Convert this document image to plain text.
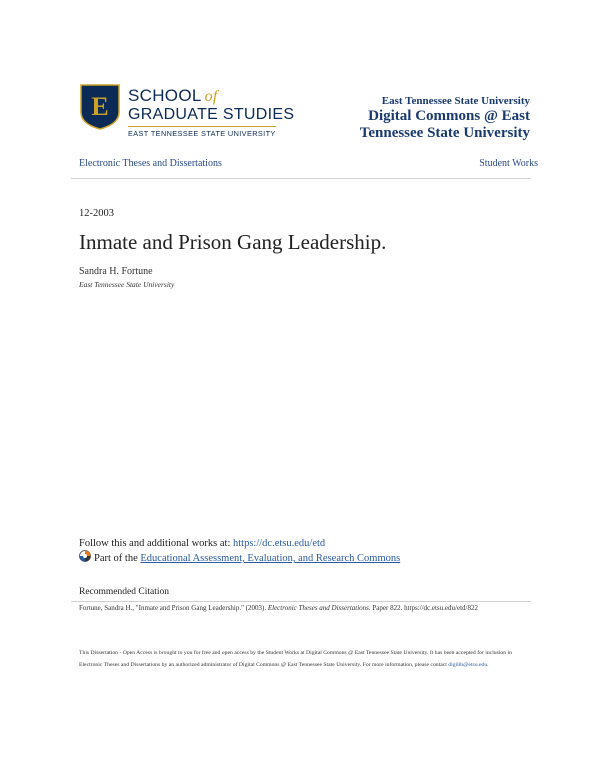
E SCHOOL of
GRADUATE STUDIES
EAST TENNESSEE STATE UNIVERSITY
East Tennessee State University
Digital Commons @ East
Tennessee State University
Electronic Theses and Dissertations	Student Works
12-2003
Inmate and Prison Gang Leadership.
Sandra H. Fortune
East Tennessee State University
Follow this and additional works at: https://dc.etsu.edu/etd
Part of the Educational Assessment, Evaluation, and Research Commons
Recommended Citation
Fortune, Sandra H., "Inmate and Prison Gang Leadership." (2003). Electronic Theses and Dissertations. Paper 822. https://dc.etsu.edu/etd/822
This Dissertation - Open Access is brought to you for free and open access by the Student Works at Digital Commons @ East Tennessee State University. It has been accepted for inclusion in Electronic Theses and Dissertations by an authorized administrator of Digital Commons @ East Tennessee State University. For more information, please contact digilib@etsu.edu.
